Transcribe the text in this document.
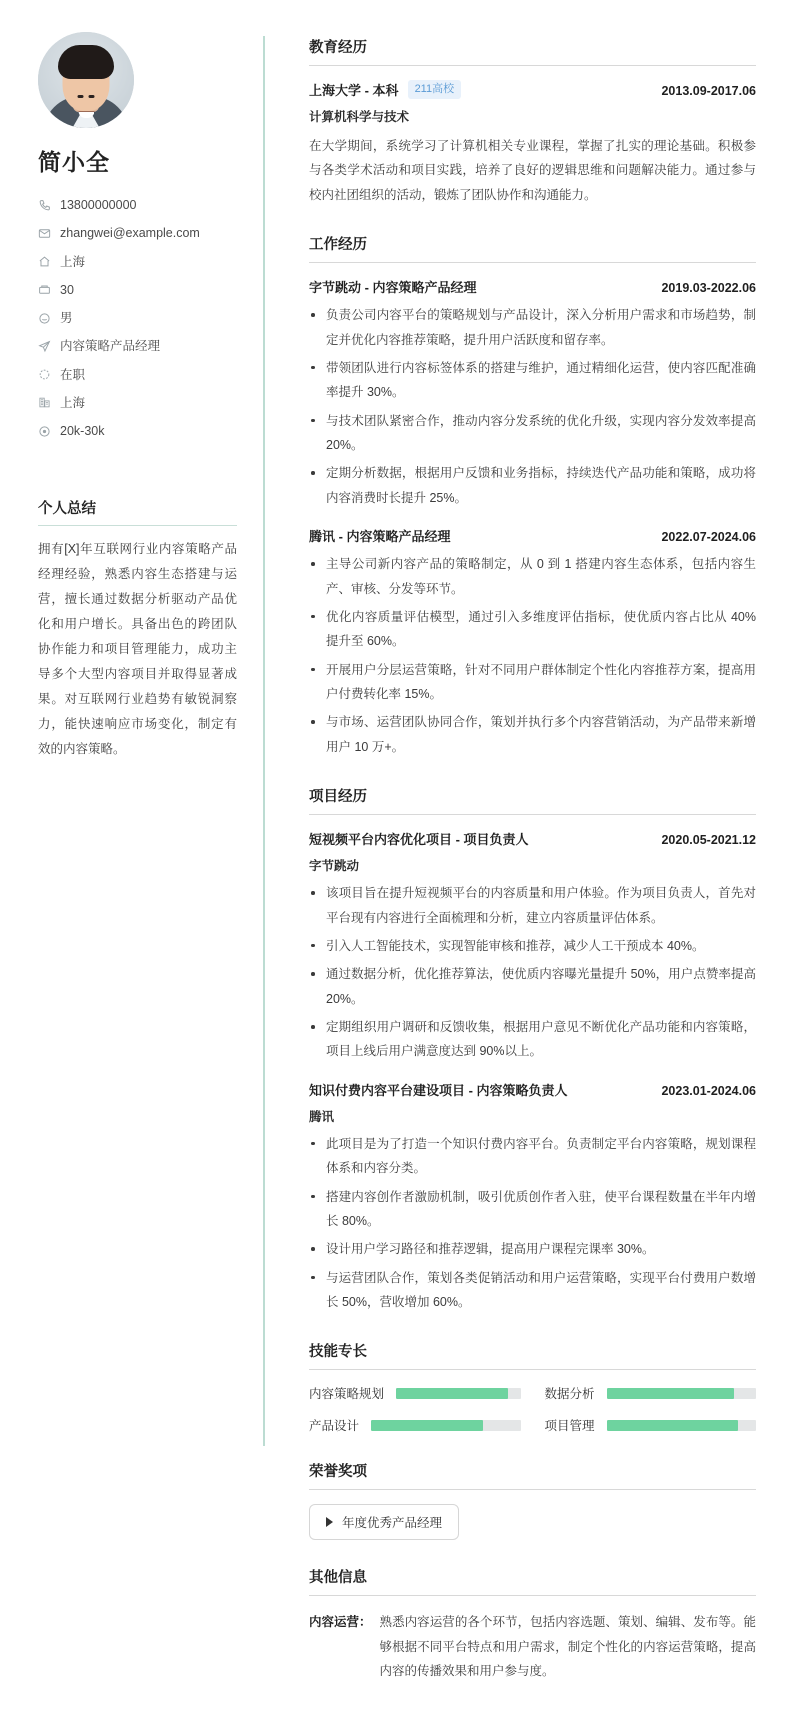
简小全
13800000000
zhangwei@example.com
上海
30
男
内容策略产品经理
在职
上海
20k-30k
个人总结

拥有[X]年互联网行业内容策略产品经理经验，熟悉内容生态搭建与运营，擅长通过数据分析驱动产品优化和用户增长。具备出色的跨团队协作能力和项目管理能力，成功主导多个大型内容项目并取得显著成果。对互联网行业趋势有敏锐洞察力，能快速响应市场变化，制定有效的内容策略。

教育经历
上海大学 - 本科	211高校	2013.09-2017.06
计算机科学与技术

在大学期间，系统学习了计算机相关专业课程，掌握了扎实的理论基础。积极参与各类学术活动和项目实践，培养了良好的逻辑思维和问题解决能力。通过参与校内社团组织的活动，锻炼了团队协作和沟通能力。

工作经历
字节跳动 - 内容策略产品经理	2019.03-2022.06
负责公司内容平台的策略规划与产品设计，深入分析用户需求和市场趋势，制定并优化内容推荐策略，提升用户活跃度和留存率。
带领团队进行内容标签体系的搭建与维护，通过精细化运营，使内容匹配准确率提升 30%。
与技术团队紧密合作，推动内容分发系统的优化升级，实现内容分发效率提高 20%。
定期分析数据，根据用户反馈和业务指标，持续迭代产品功能和策略，成功将内容消费时长提升 25%。
腾讯 - 内容策略产品经理	2022.07-2024.06
主导公司新内容产品的策略制定，从 0 到 1 搭建内容生态体系，包括内容生产、审核、分发等环节。
优化内容质量评估模型，通过引入多维度评估指标，使优质内容占比从 40% 提升至 60%。
开展用户分层运营策略，针对不同用户群体制定个性化内容推荐方案，提高用户付费转化率 15%。
与市场、运营团队协同合作，策划并执行多个内容营销活动，为产品带来新增用户 10 万+。
项目经历
短视频平台内容优化项目 - 项目负责人	2020.05-2021.12
字节跳动
该项目旨在提升短视频平台的内容质量和用户体验。作为项目负责人，首先对平台现有内容进行全面梳理和分析，建立内容质量评估体系。
引入人工智能技术，实现智能审核和推荐，减少人工干预成本 40%。
通过数据分析，优化推荐算法，使优质内容曝光量提升 50%，用户点赞率提高 20%。
定期组织用户调研和反馈收集，根据用户意见不断优化产品功能和内容策略，项目上线后用户满意度达到 90%以上。
知识付费内容平台建设项目 - 内容策略负责人	2023.01-2024.06
腾讯
此项目是为了打造一个知识付费内容平台。负责制定平台内容策略，规划课程体系和内容分类。
搭建内容创作者激励机制，吸引优质创作者入驻，使平台课程数量在半年内增长 80%。
设计用户学习路径和推荐逻辑，提高用户课程完课率 30%。
与运营团队合作，策划各类促销活动和用户运营策略，实现平台付费用户数增长 50%，营收增加 60%。
技能专长
内容策略规划	数据分析
产品设计	项目管理
荣誉奖项
年度优秀产品经理
其他信息
内容运营： 熟悉内容运营的各个环节，包括内容选题、策划、编辑、发布等。能够根据不同平台特点和用户需求，制定个性化的内容运营策略，提高内容的传播效果和用户参与度。
